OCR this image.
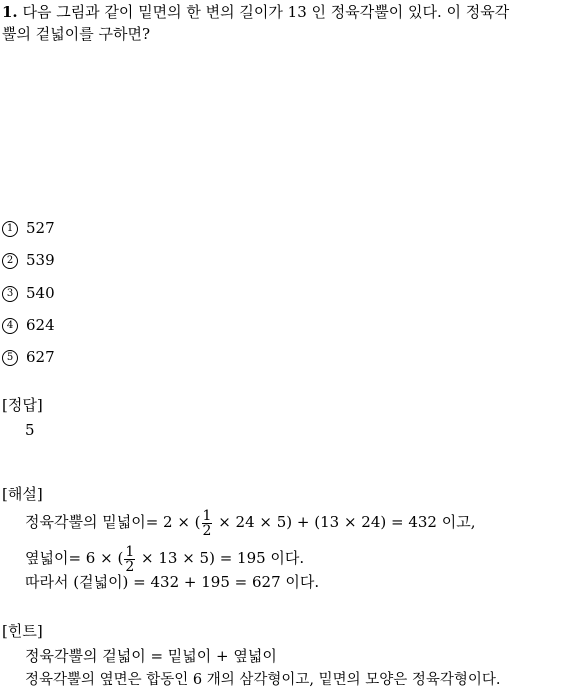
1. 다음 그림과 같이 밑면의 한 변의 길이가 13 인 정육각뿔이 있다. 이 정육각
뿔의 겉넓이를 구하면?
1 527
2 539
3 540
4 624
5 627
[정답]
5
[해설]
정육각뿔의 밑넓이= 2 × ( $\frac{1}{2} \times 24 \times 5) + (13 \times 24) = 432$ 이고,
옆넓이= 6 × ( $\frac{1}{2} \times 13 \times 5) = 195$ 이다.
따라서 (겉넓이) = 432 + 195 = 627 이다.
[힌트]
정육각뿔의 겉넓이 = 밑넓이 + 옆넓이
정육각뿔의 옆면은 합동인 6 개의 삼각형이고, 밑면의 모양은 정육각형이다.
